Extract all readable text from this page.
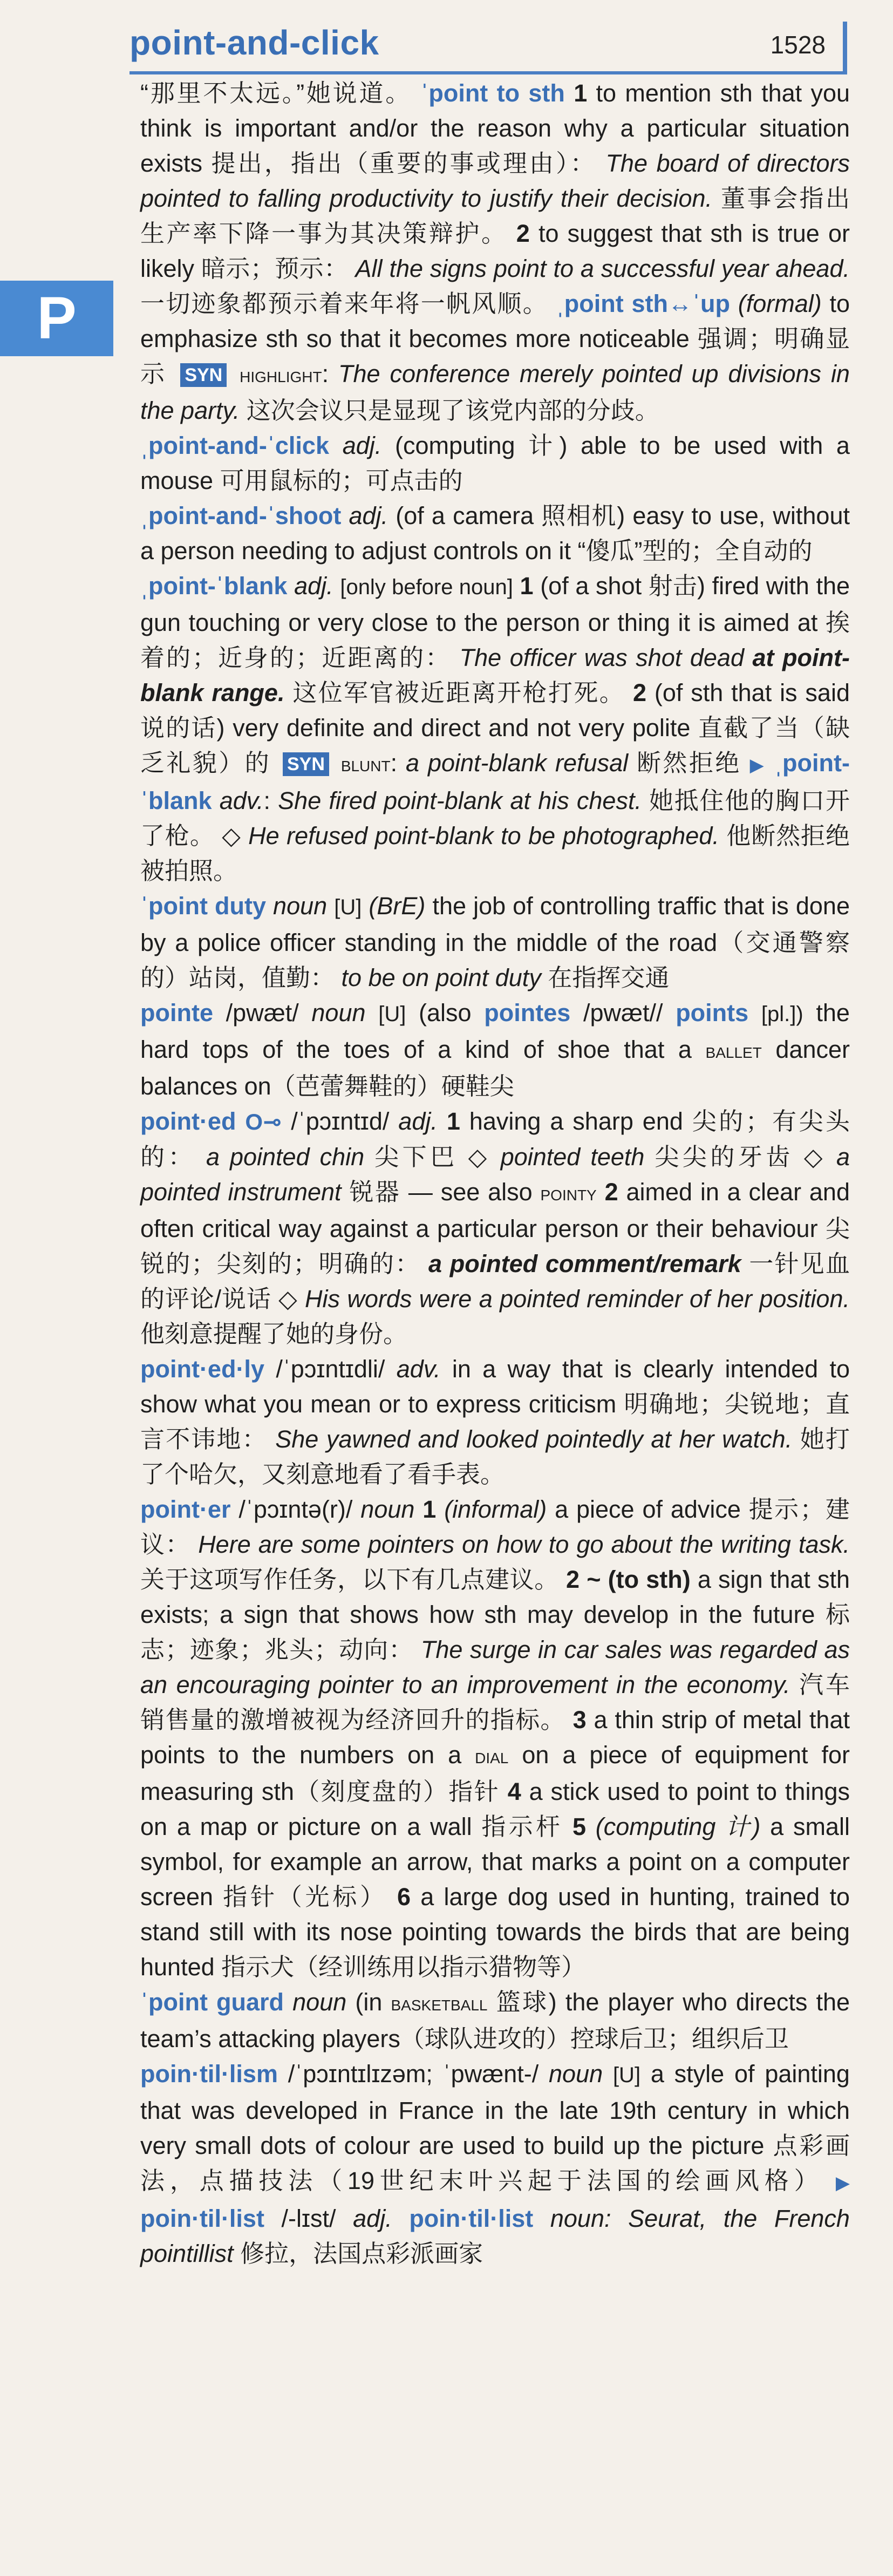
point-and-click	1528
P

“那里不太远。”她说道。 ˈpoint to sth 1 to mention sth that you think is important and/or the reason why a particular situation exists 提出，指出（重要的事或理由）： The board of directors pointed to falling productivity to justify their decision. 董事会指出生产率下降一事为其决策辩护。 2 to suggest that sth is true or likely 暗示；预示： All the signs point to a successful year ahead. 一切迹象都预示着来年将一帆风顺。 ˌpoint sth↔ˈup (formal) to emphasize sth so that it becomes more noticeable 强调；明确显示 SYN highlight: The conference merely pointed up divisions in the party. 这次会议只是显现了该党内部的分歧。

ˌpoint-and-ˈclick adj. (computing 计) able to be used with a mouse 可用鼠标的；可点击的

ˌpoint-and-ˈshoot adj. (of a camera 照相机) easy to use, without a person needing to adjust controls on it “傻瓜”型的；全自动的

ˌpoint-ˈblank adj. [only before noun] 1 (of a shot 射击) fired with the gun touching or very close to the person or thing it is aimed at 挨着的；近身的；近距离的： The officer was shot dead at point-blank range. 这位军官被近距离开枪打死。 2 (of sth that is said 说的话) very definite and direct and not very polite 直截了当（缺乏礼貌）的 SYN blunt: a point-blank refusal 断然拒绝 ▶ ˌpoint-ˈblank adv.: She fired point-blank at his chest. 她抵住他的胸口开了枪。 ◇ He refused point-blank to be photographed. 他断然拒绝被拍照。

ˈpoint duty noun [U] (BrE) the job of controlling traffic that is done by a police officer standing in the middle of the road（交通警察的）站岗，值勤： to be on point duty 在指挥交通

pointe /pwæt/ noun [U] (also pointes /pwæt// points [pl.]) the hard tops of the toes of a kind of shoe that a ballet dancer balances on（芭蕾舞鞋的）硬鞋尖

point·ed O⊸ /ˈpɔɪntɪd/ adj. 1 having a sharp end 尖的；有尖头的： a pointed chin 尖下巴 ◇ pointed teeth 尖尖的牙齿 ◇ a pointed instrument 锐器 — see also pointy 2 aimed in a clear and often critical way against a particular person or their behaviour 尖锐的；尖刻的；明确的： a pointed comment/remark 一针见血的评论/说话 ◇ His words were a pointed reminder of her position. 他刻意提醒了她的身份。

point·ed·ly /ˈpɔɪntɪdli/ adv. in a way that is clearly intended to show what you mean or to express criticism 明确地；尖锐地；直言不讳地： She yawned and looked pointedly at her watch. 她打了个哈欠，又刻意地看了看手表。

point·er /ˈpɔɪntə(r)/ noun 1 (informal) a piece of advice 提示；建议： Here are some pointers on how to go about the writing task. 关于这项写作任务，以下有几点建议。 2 ~ (to sth) a sign that sth exists; a sign that shows how sth may develop in the future 标志；迹象；兆头；动向： The surge in car sales was regarded as an encouraging pointer to an improvement in the economy. 汽车销售量的激增被视为经济回升的指标。 3 a thin strip of metal that points to the numbers on a dial on a piece of equipment for measuring sth（刻度盘的）指针 4 a stick used to point to things on a map or picture on a wall 指示杆 5 (computing 计) a small symbol, for example an arrow, that marks a point on a computer screen 指针（光标） 6 a large dog used in hunting, trained to stand still with its nose pointing towards the birds that are being hunted 指示犬（经训练用以指示猎物等）

ˈpoint guard noun (in basketball 篮球) the player who directs the team’s attacking players（球队进攻的）控球后卫；组织后卫

poin·til·lism /ˈpɔɪntɪlɪzəm; ˈpwænt-/ noun [U] a style of painting that was developed in France in the late 19th century in which very small dots of colour are used to build up the picture 点彩画法，点描技法（19世纪末叶兴起于法国的绘画风格） ▶ poin·til·list /-lɪst/ adj. poin·til·list noun: Seurat, the French pointillist 修拉，法国点彩派画家
